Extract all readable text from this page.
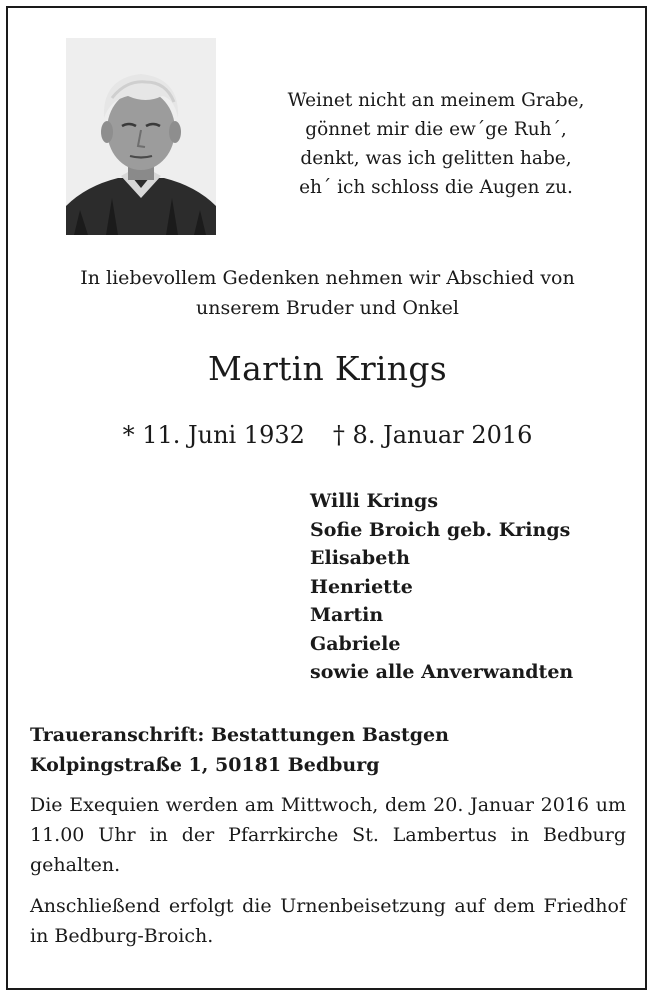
Weinet nicht an meinem Grabe,
gönnet mir die ew´ge Ruh´,
denkt, was ich gelitten habe,
eh´ ich schloss die Augen zu.
In liebevollem Gedenken nehmen wir Abschied von
unserem Bruder und Onkel
Martin Krings
* 11. Juni 1932 † 8. Januar 2016
Willi Krings
Sofie Broich geb. Krings
Elisabeth
Henriette
Martin
Gabriele
sowie alle Anverwandten
Traueranschrift: Bestattungen Bastgen
Kolpingstraße 1, 50181 Bedburg
Die Exequien werden am Mittwoch, dem 20. Januar 2016 um 11.00 Uhr in der Pfarrkirche St. Lambertus in Bedburg gehalten.
Anschließend erfolgt die Urnenbeisetzung auf dem Friedhof in Bedburg-Broich.
